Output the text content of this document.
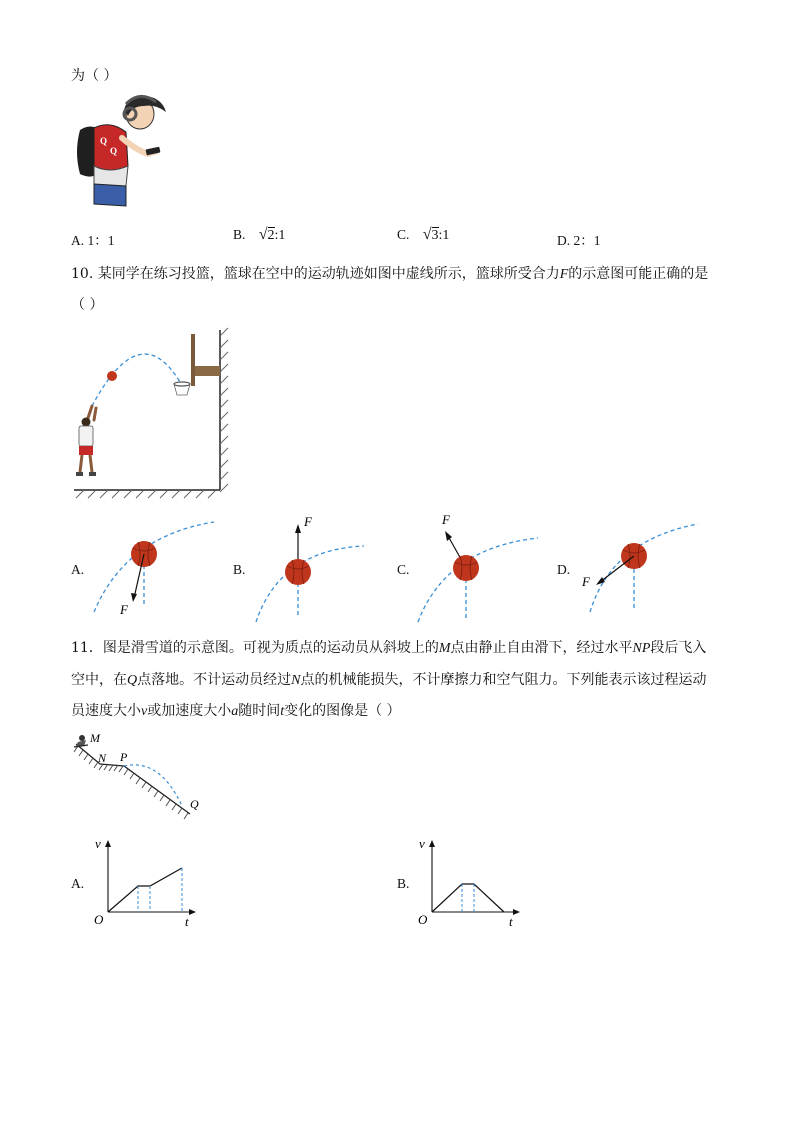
为（ ）
Q
Q
A. 1：1	B. √2:1	C. √3:1	D. 2：1
10. 某同学在练习投篮，篮球在空中的运动轨迹如图中虚线所示，篮球所受合力F的示意图可能正确的是
（ ）
A.
F
B.
F
C.
F
D.
F
11．图是滑雪道的示意图。可视为质点的运动员从斜坡上的M点由静止自由滑下，经过水平NP段后飞入
空中，在Q点落地。不计运动员经过N点的机械能损失，不计摩擦力和空气阻力。下列能表示该过程运动
员速度大小v或加速度大小a随时间t变化的图像是（ ）
M
N P
Q
A.
v
t
O
B.
v
t
O
